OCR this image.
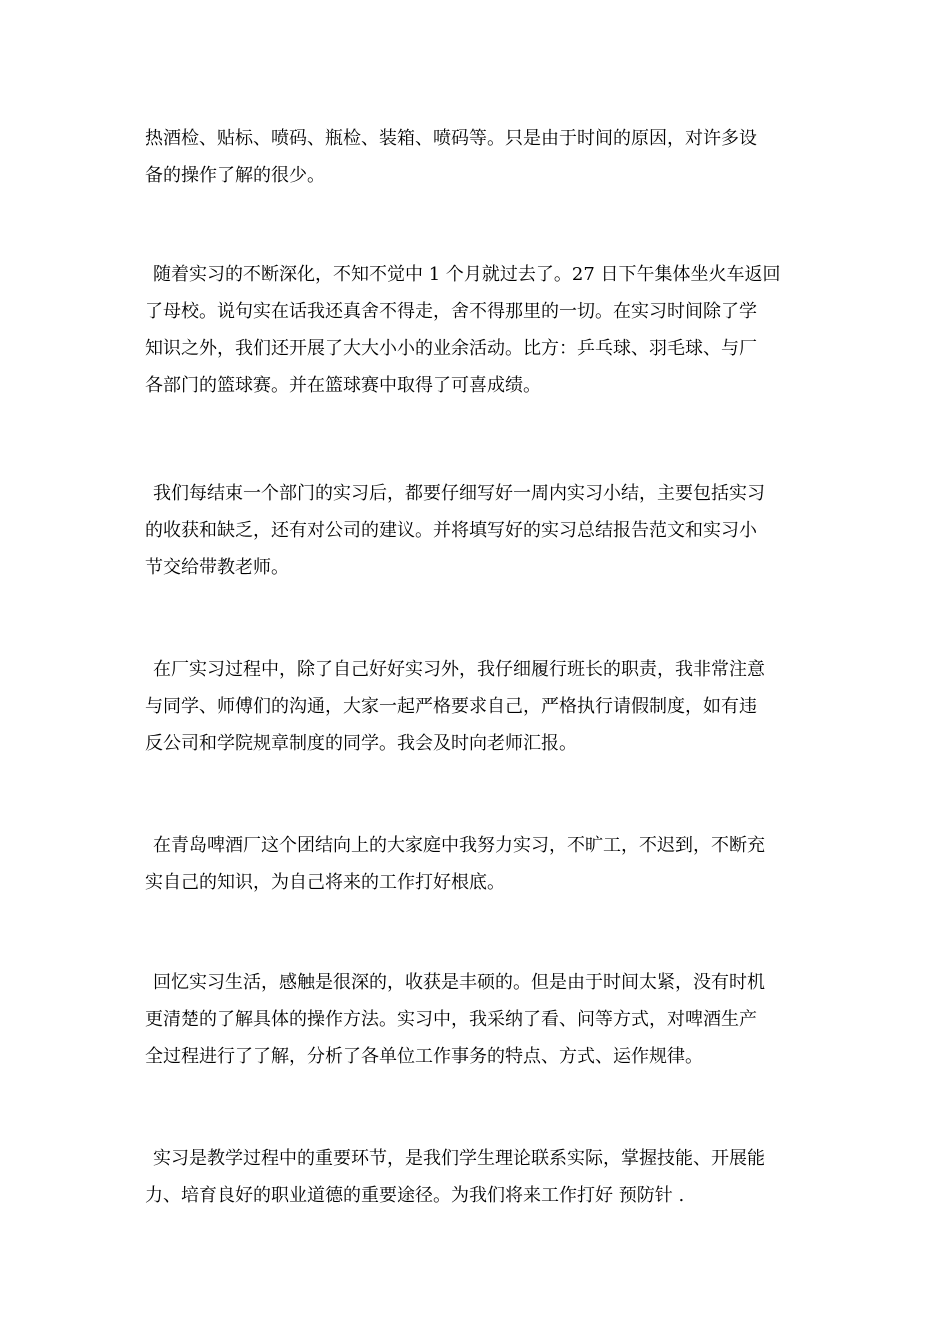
热酒检、贴标、喷码、瓶检、装箱、喷码等。只是由于时间的原因，对许多设
备的操作了解的很少。
随着实习的不断深化，不知不觉中 1 个月就过去了。27 日下午集体坐火车返回
了母校。说句实在话我还真舍不得走，舍不得那里的一切。在实习时间除了学
知识之外，我们还开展了大大小小的业余活动。比方：乒乓球、羽毛球、与厂
各部门的篮球赛。并在篮球赛中取得了可喜成绩。
我们每结束一个部门的实习后，都要仔细写好一周内实习小结，主要包括实习
的收获和缺乏，还有对公司的建议。并将填写好的实习总结报告范文和实习小
节交给带教老师。
在厂实习过程中，除了自己好好实习外，我仔细履行班长的职责，我非常注意
与同学、师傅们的沟通，大家一起严格要求自己，严格执行请假制度，如有违
反公司和学院规章制度的同学。我会及时向老师汇报。
在青岛啤酒厂这个团结向上的大家庭中我努力实习，不旷工，不迟到，不断充
实自己的知识，为自己将来的工作打好根底。
回忆实习生活，感触是很深的，收获是丰硕的。但是由于时间太紧，没有时机
更清楚的了解具体的操作方法。实习中，我采纳了看、问等方式，对啤酒生产
全过程进行了了解，分析了各单位工作事务的特点、方式、运作规律。
实习是教学过程中的重要环节，是我们学生理论联系实际，掌握技能、开展能
力、培育良好的职业道德的重要途径。为我们将来工作打好 预防针 .
